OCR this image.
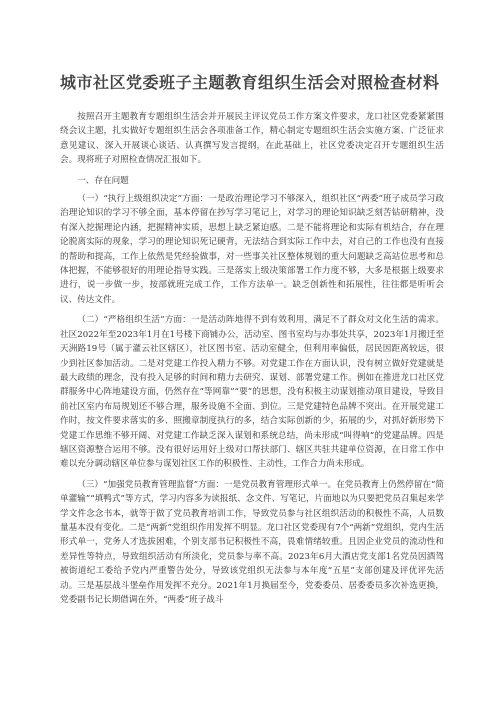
城市社区党委班子主题教育组织生活会对照检查材料

按照召开主题教育专题组织生活会并开展民主评议党员工作方案文件要求，龙口社区党委紧紧围绕会议主题，扎实做好专题组织生活会各项准备工作，精心制定专题组织生活会实施方案、广泛征求意见建议、深入开展谈心谈话、认真撰写发言提纲，在此基础上，社区党委决定召开专题组织生活会。现将班子对照检查情况汇报如下。

一、存在问题

（一）“执行上级组织决定”方面：一是政治理论学习不够深入，组织社区“两委”班子成员学习政治理论知识的学习不够全面，基本停留在抄写学习笔记上，对学习的理论知识缺乏刻苦钻研精神，没有深入挖掘理论内涵，把握精神实质，思想上缺乏紧迫感。二是不能将理论和实际有机结合，存在理论脱离实际的现象，学习的理论知识死记硬背，无法结合到实际工作中去，对自己的工作也没有直接的帮助和提高，工作上依然是凭经验做事，对一些事关社区整体规划的重大问题缺乏高站位思考和总体把握，不能够很好的用理论指导实践。三是落实上级决策部署工作力度不够，大多是根据上级要求进行，说一步做一步，按部就班完成工作，工作方法单一。缺乏创新性和拓展性，往往都是听听会议、传达文件。

（二）“严格组织生活”方面：一是活动阵地得不到有效利用，满足不了群众对文化生活的需求。社区2022年至2023年1月在1号楼下商铺办公，活动室、图书室均与办事处共享，2023年1月搬迁至天洲路19号（属于灌云社区辖区），社区图书室、活动室健全，但利用率偏低，居民因距离较远，很少到社区参加活动。二是对党建工作投入精力不够。对党建工作在方面认识，没有树立做好党建就是最大政绩的理念，没有投入足够的时间和精力去研究、谋划、部署党建工作。例如在推进龙口社区党群服务中心阵地建设方面，仍然存在“等网靠”“要”的思想，没有积极主动谋划推动项目建设，导致目前社区室内布局规划还不够合理，服务设施不全面、到位。三是党建特色品牌不突出。在开展党建工作时，按文件要求落实的多、照搬章制度执行的多，结合实际创新的少，拓展的少，对抓好新形势下党建工作思维不够开阔、对党建工作缺乏深入谋划和系统总结，尚未形成“叫得响”的党建品牌。四是辖区资源整合运用不够。没有很好运用好上级对口帮扶部门、辖区共驻共建单位资源，在日常工作中难以充分调动辖区单位参与谋划社区工作的积极性、主动性，工作合力尚未形成。

（三）“加强党员教育管理监督”方面：一是党员教育管理形式单一。在党员教育上仍然停留在“简单灌输”“填鸭式”等方式，学习内容多为读报纸、念文件、写笔记，片面地以为只要把党员召集起来学学文件念念书本，就等于做了党员教育培训工作，导致党员参与社区组织活动的积极性不高，人员数量基本没有变化。二是“两新”党组织作用发挥不明显。龙口社区党委现有7个“两新”党组织，党内生活形式单一，党务人才选拔困难，个别支部书记积极性不高，畏难情绪较重。且因企业党员的流动性和差异性等特点，导致组织活动有所淡化，党员参与率不高。2023年6月大酒店党支部1名党员因酒驾被街道纪工委给予党内严重警告处分，导致该党组织无法参与本年度“五星”支部创建及评优评先活动。三是基层战斗堡垒作用发挥不充分。2021年1月换届至今，党委委员、居委委员多次补选更换，党委副书记长期借调在外，“两委”班子战斗
